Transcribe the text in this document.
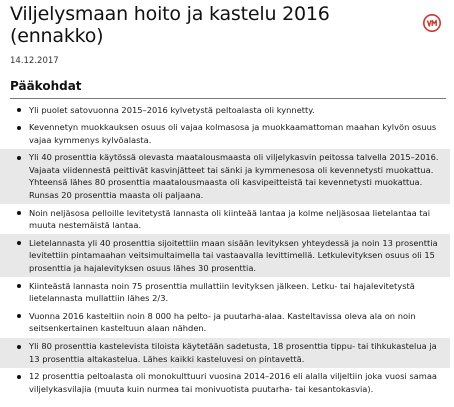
Viljelysmaan hoito ja kastelu 2016 (ennakko)
14.12.2017
Pääkohdat
Yli puolet satovuonna 2015–2016 kylvetystä peltoalasta oli kynnetty.
Kevennetyn muokkauksen osuus oli vajaa kolmasosa ja muokkaamattoman maahan kylvön osuus vajaa kymmenys kylvöalasta.
Yli 40 prosenttia käytössä olevasta maatalousmaasta oli viljelykasvin peitossa talvella 2015–2016. Vajaata viidennestä peittivät kasvinjätteet tai sänki ja kymmenesosa oli kevennetysti muokattua. Yhteensä lähes 80 prosenttia maatalousmaasta oli kasvipeitteistä tai kevennetysti muokattua. Runsas 20 prosenttia maasta oli paljaana.
Noin neljäsosa pelloille levitetystä lannasta oli kiinteää lantaa ja kolme neljäsosaa lietelantaa tai muuta nestemäistä lantaa.
Lietelannasta yli 40 prosenttia sijoitettiin maan sisään levityksen yhteydessä ja noin 13 prosenttia levitettiin pintamaahan veitsimultaimella tai vastaavalla levittimellä. Letkulevityksen osuus oli 15 prosenttia ja hajalevityksen osuus lähes 30 prosenttia.
Kiinteästä lannasta noin 75 prosenttia mullattiin levityksen jälkeen. Letku- tai hajalevitetystä lietelannasta mullattiin lähes 2/3.
Vuonna 2016 kasteltiin noin 8 000 ha pelto- ja puutarha-alaa. Kasteltavissa oleva ala on noin seitsenkertainen kasteltuun alaan nähden.
Yli 80 prosenttia kastelevista tiloista käytetään sadetusta, 18 prosenttia tippu- tai tihkukastelua ja 13 prosenttia altakastelua. Lähes kaikki kasteluvesi on pintavettä.
12 prosenttia peltoalasta oli monokulttuuri vuosina 2014–2016 eli alalla viljeltiin joka vuosi samaa viljelykasvilajia (muuta kuin nurmea tai monivuotista puutarha- tai kesantokasvia).
